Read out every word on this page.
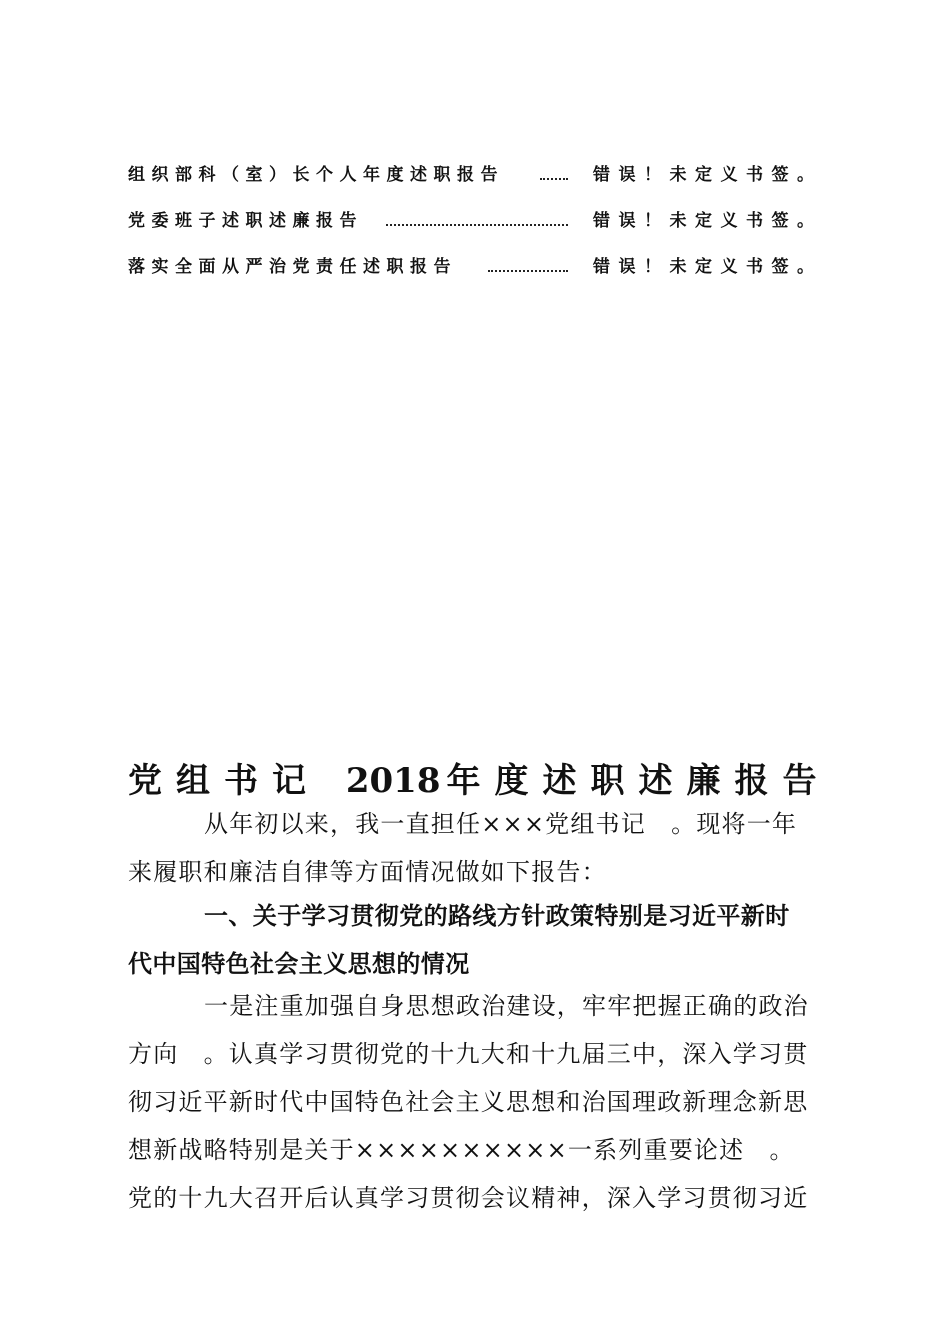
组织部科（室）长个人年度述职报告	错误！未定义书签。
党委班子述职述廉报告	错误！未定义书签。
落实全面从严治党责任述职报告	错误！未定义书签。
党组书记 2018 年度述职述廉报告
从年初以来，我一直担任×××党组书记　。现将一年
来履职和廉洁自律等方面情况做如下报告：
一、关于学习贯彻党的路线方针政策特别是习近平新时
代中国特色社会主义思想的情况
一是注重加强自身思想政治建设，牢牢把握正确的政治
方向　。认真学习贯彻党的十九大和十九届三中，深入学习贯
彻习近平新时代中国特色社会主义思想和治国理政新理念新思
想新战略特别是关于××××××××××一系列重要论述　。
党的十九大召开后认真学习贯彻会议精神，深入学习贯彻习近
